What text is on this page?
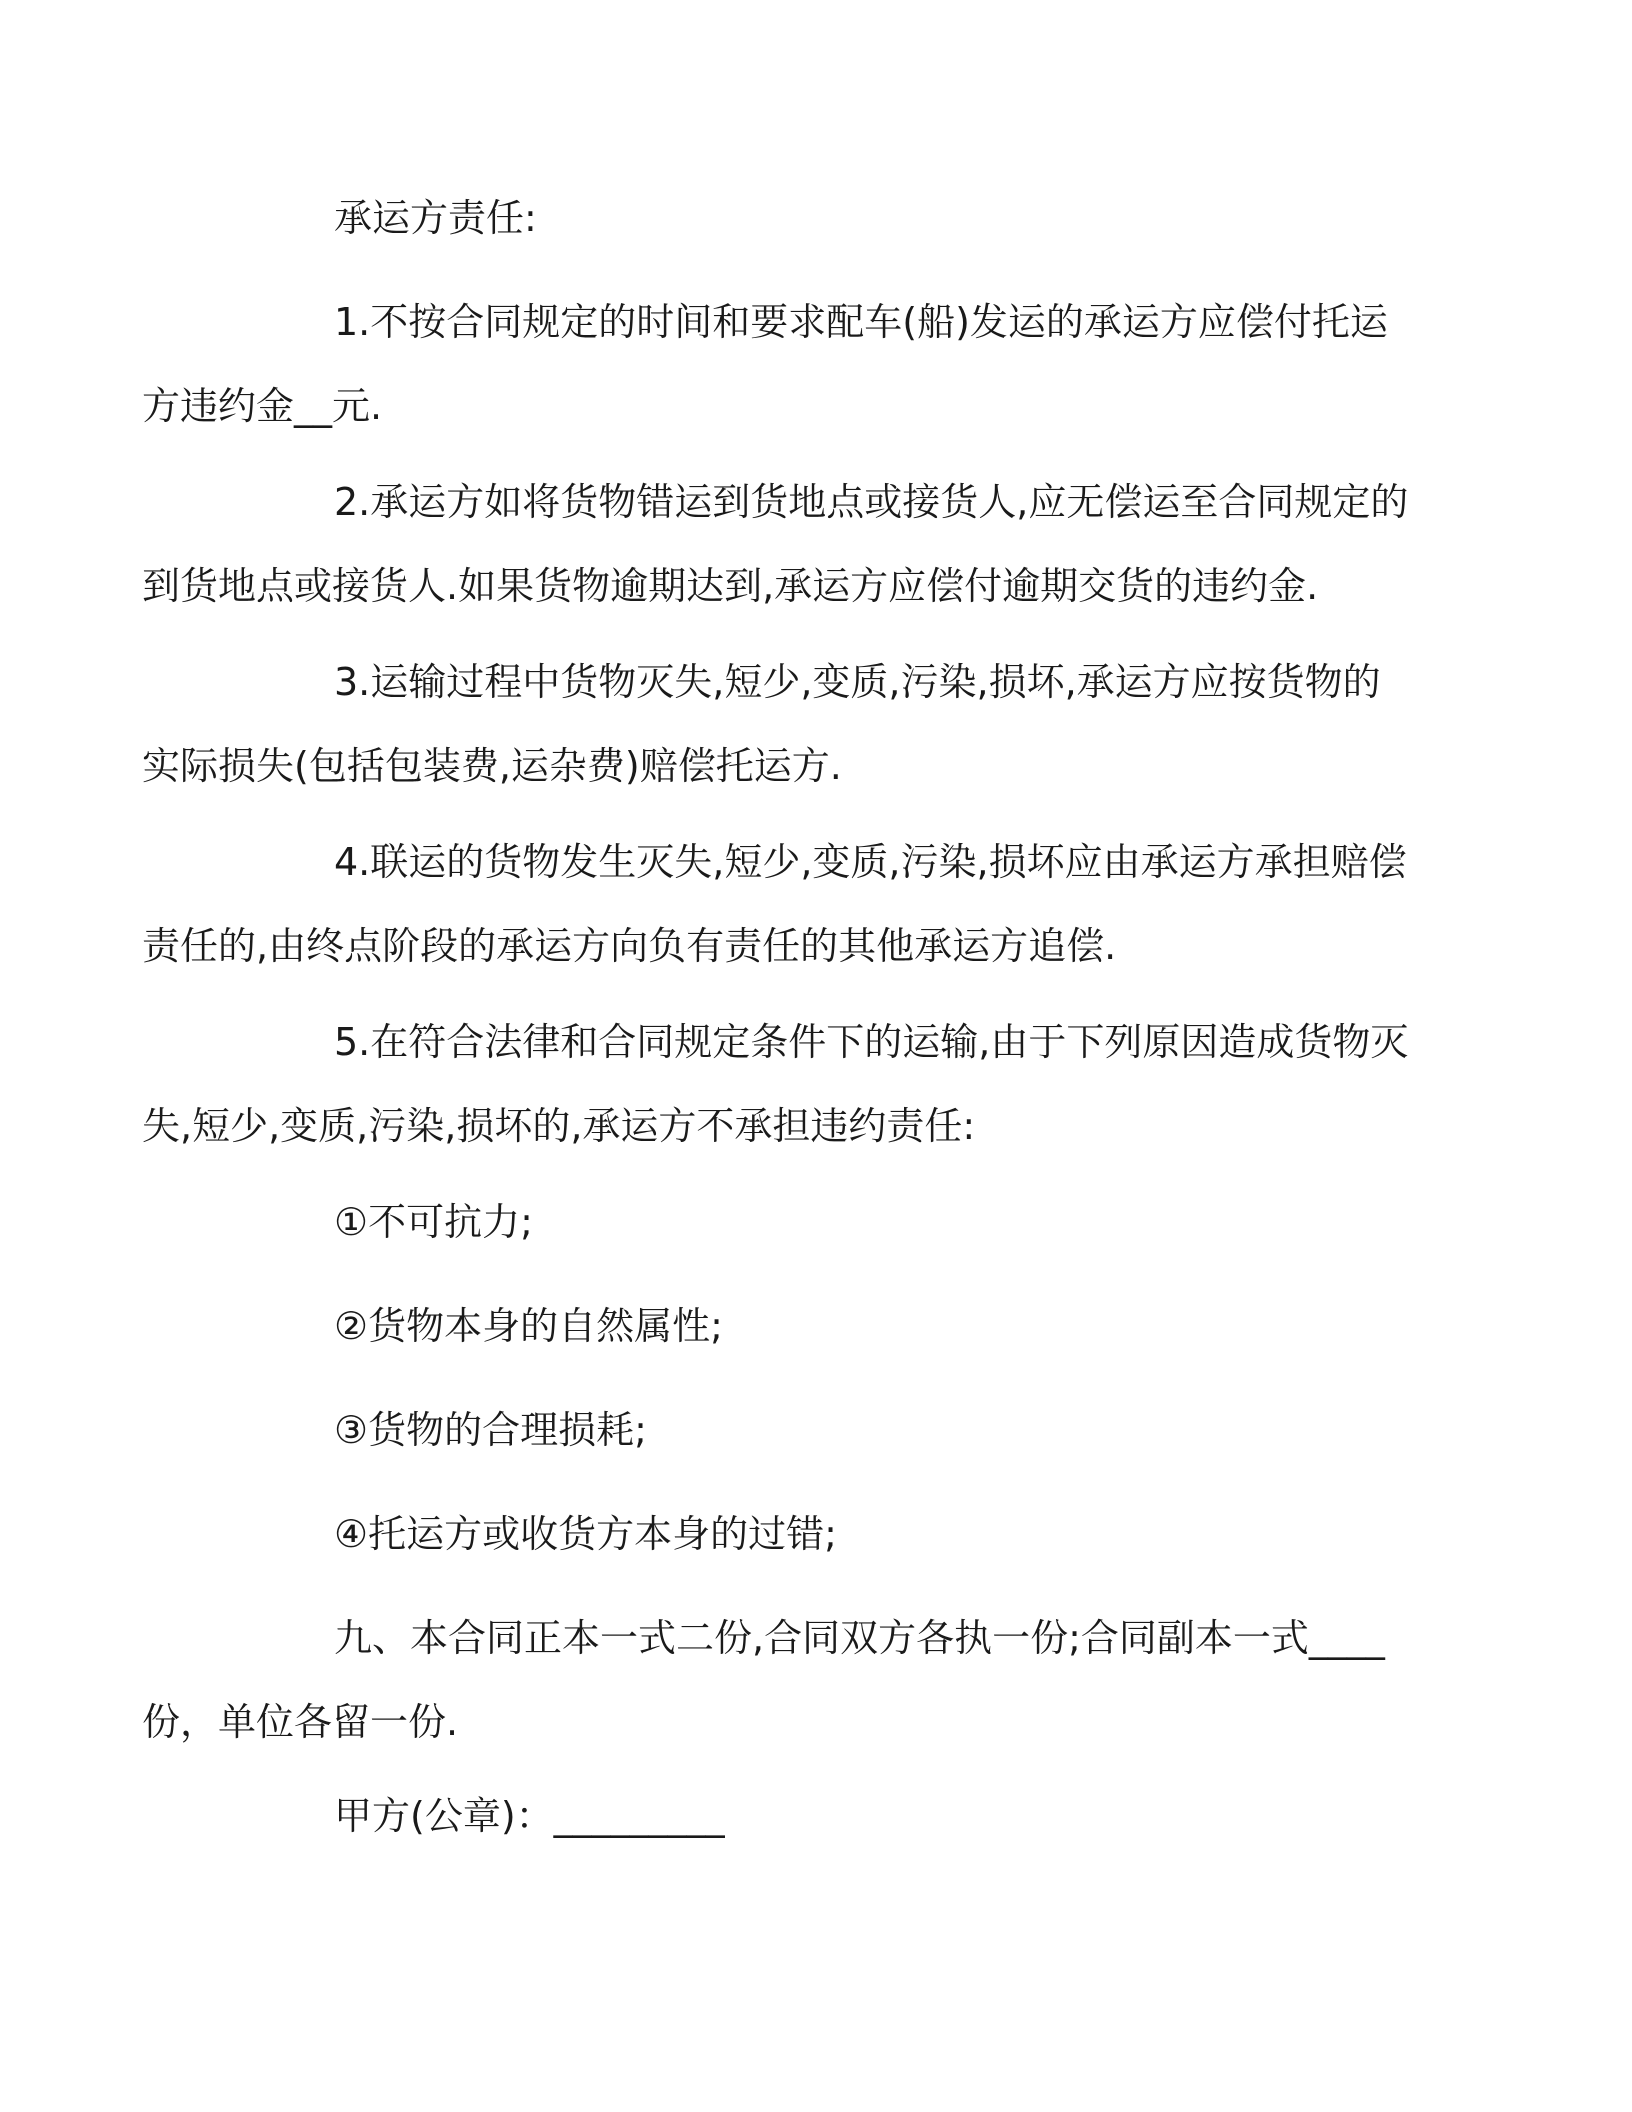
承运方责任:

1.不按合同规定的时间和要求配车(船)发运的承运方应偿付托运
方违约金__元.
2.承运方如将货物错运到货地点或接货人,应无偿运至合同规定的
到货地点或接货人.如果货物逾期达到,承运方应偿付逾期交货的违约金.
3.运输过程中货物灭失,短少,变质,污染,损坏,承运方应按货物的
实际损失(包括包装费,运杂费)赔偿托运方.
4.联运的货物发生灭失,短少,变质,污染,损坏应由承运方承担赔偿
责任的,由终点阶段的承运方向负有责任的其他承运方追偿.
5.在符合法律和合同规定条件下的运输,由于下列原因造成货物灭
失,短少,变质,污染,损坏的,承运方不承担违约责任:

①不可抗力;

②货物本身的自然属性;

③货物的合理损耗;

④托运方或收货方本身的过错;

九、本合同正本一式二份,合同双方各执一份;合同副本一式____
份，单位各留一份.

甲方(公章)：_________
